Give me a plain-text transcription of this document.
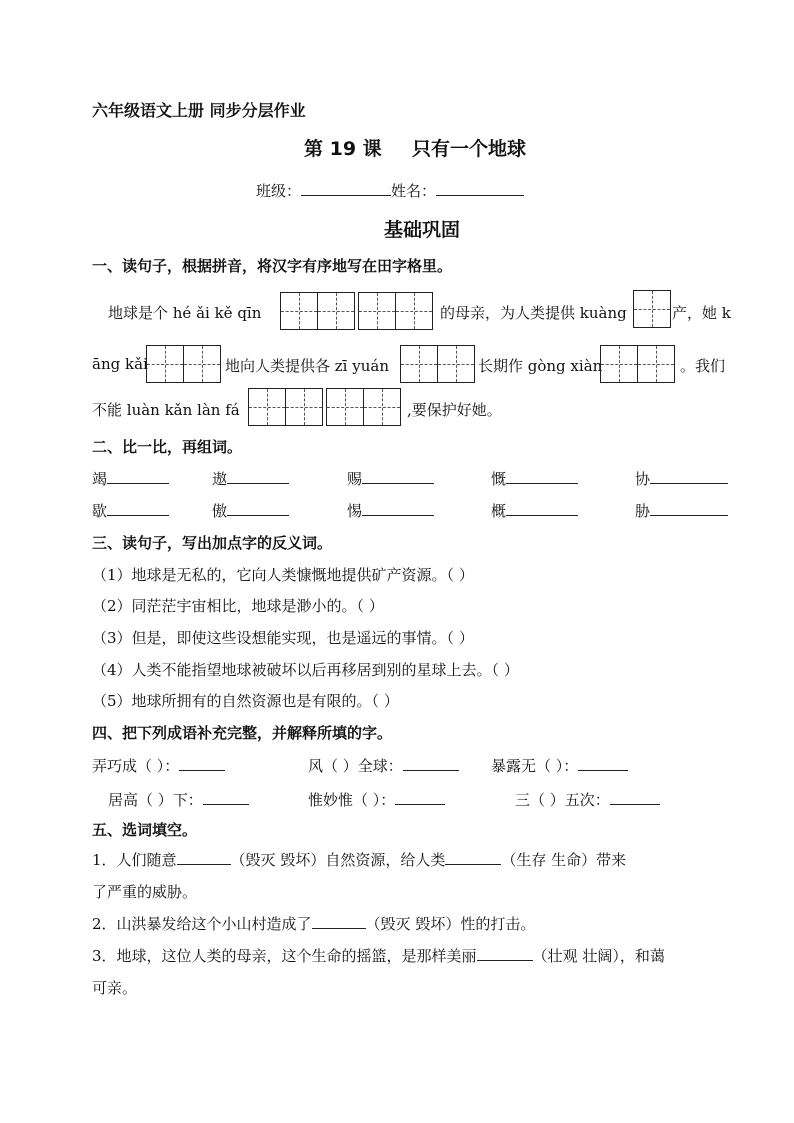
六年级语文上册 同步分层作业
第 19 课 只有一个地球
班级：	姓名：
基础巩固
一、读句子，根据拼音，将汉字有序地写在田字格里。
地球是个 hé ǎi kě qīn	的母亲，为人类提供 kuàng	产，她 k
āng kǎi	地向人类提供各 zī yuán	长期作 gòng xiàn	。我们
不能 luàn kǎn làn fá	,要保护好她。
二、比一比，再组词。
竭	遨	赐	慨	协
歇	傲	惕	概	胁
三、读句子，写出加点字的反义词。
（1）地球是无私的，它向人类慷慨地提供矿产资源。（ ）
（2）同茫茫宇宙相比，地球是渺小的。（ ）
（3）但是，即使这些设想能实现，也是遥远的事情。（ ）
（4）人类不能指望地球被破坏以后再移居到别的星球上去。（ ）
（5）地球所拥有的自然资源也是有限的。（ ）
四、把下列成语补充完整，并解释所填的字。
弄巧成（ ）：	风（ ）全球：	暴露无（ ）：
居高（ ）下：	惟妙惟（ ）：	三（ ）五次：
五、选词填空。
1．人们随意	（毁灭 毁坏）自然资源，给人类	（生存 生命）带来
了严重的威胁。
2．山洪暴发给这个小山村造成了	（毁灭 毁坏）性的打击。
3．地球，这位人类的母亲，这个生命的摇篮，是那样美丽	（壮观 壮阔），和蔼
可亲。
